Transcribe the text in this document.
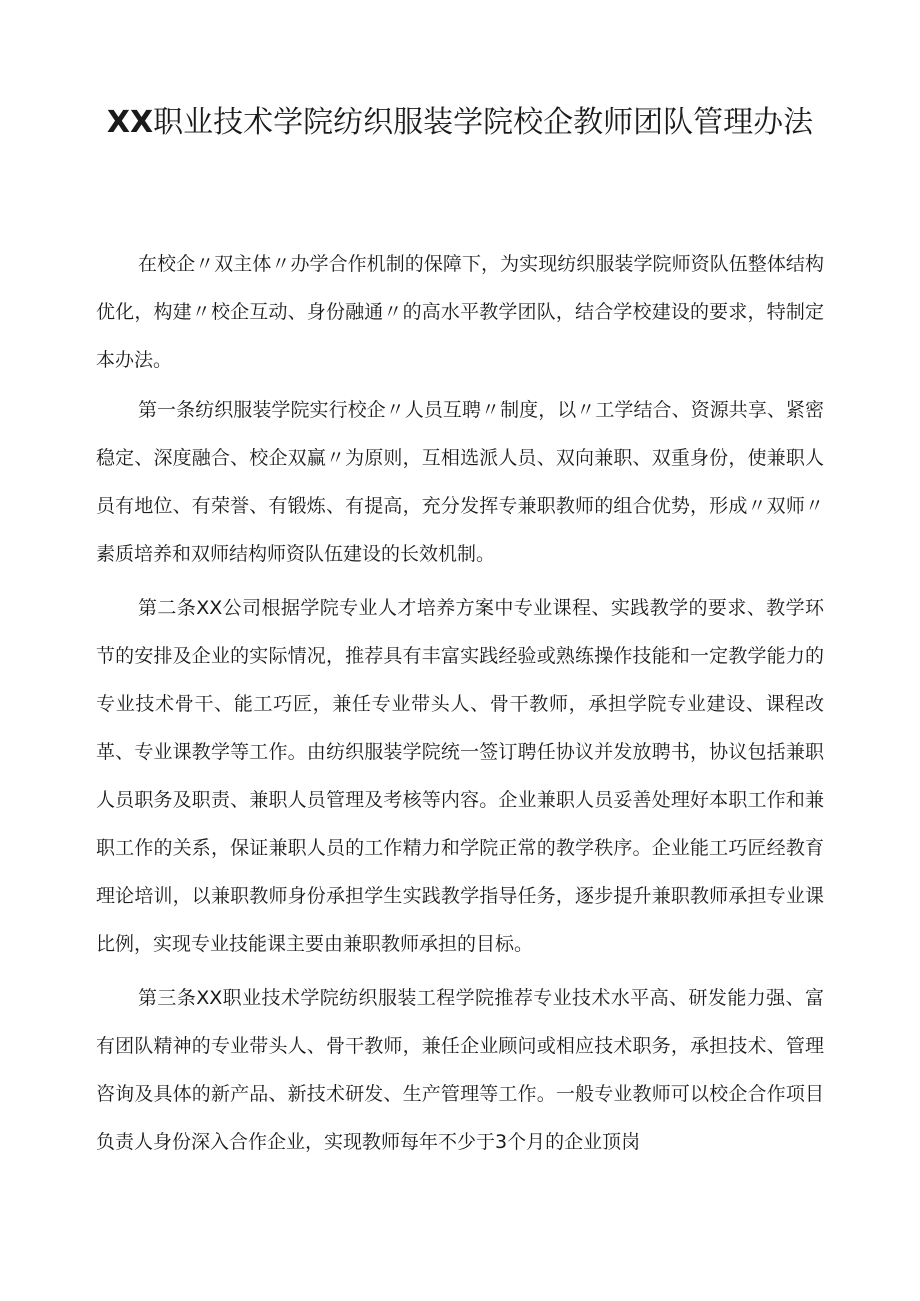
XX职业技术学院纺织服装学院校企教师团队管理办法

在校企〃双主体〃办学合作机制的保障下，为实现纺织服装学院师资队伍整体结构优化，构建〃校企互动、身份融通〃的高水平教学团队，结合学校建设的要求，特制定本办法。

第一条纺织服装学院实行校企〃人员互聘〃制度，以〃工学结合、资源共享、紧密稳定、深度融合、校企双赢〃为原则，互相选派人员、双向兼职、双重身份，使兼职人员有地位、有荣誉、有锻炼、有提高，充分发挥专兼职教师的组合优势，形成〃双师〃素质培养和双师结构师资队伍建设的长效机制。

第二条XX公司根据学院专业人才培养方案中专业课程、实践教学的要求、教学环节的安排及企业的实际情况，推荐具有丰富实践经验或熟练操作技能和一定教学能力的专业技术骨干、能工巧匠，兼任专业带头人、骨干教师，承担学院专业建设、课程改革、专业课教学等工作。由纺织服装学院统一签订聘任协议并发放聘书，协议包括兼职人员职务及职责、兼职人员管理及考核等内容。企业兼职人员妥善处理好本职工作和兼职工作的关系，保证兼职人员的工作精力和学院正常的教学秩序。企业能工巧匠经教育理论培训，以兼职教师身份承担学生实践教学指导任务，逐步提升兼职教师承担专业课比例，实现专业技能课主要由兼职教师承担的目标。

第三条XX职业技术学院纺织服装工程学院推荐专业技术水平高、研发能力强、富有团队精神的专业带头人、骨干教师，兼任企业顾问或相应技术职务，承担技术、管理咨询及具体的新产品、新技术研发、生产管理等工作。一般专业教师可以校企合作项目负责人身份深入合作企业，实现教师每年不少于3个月的企业顶岗
